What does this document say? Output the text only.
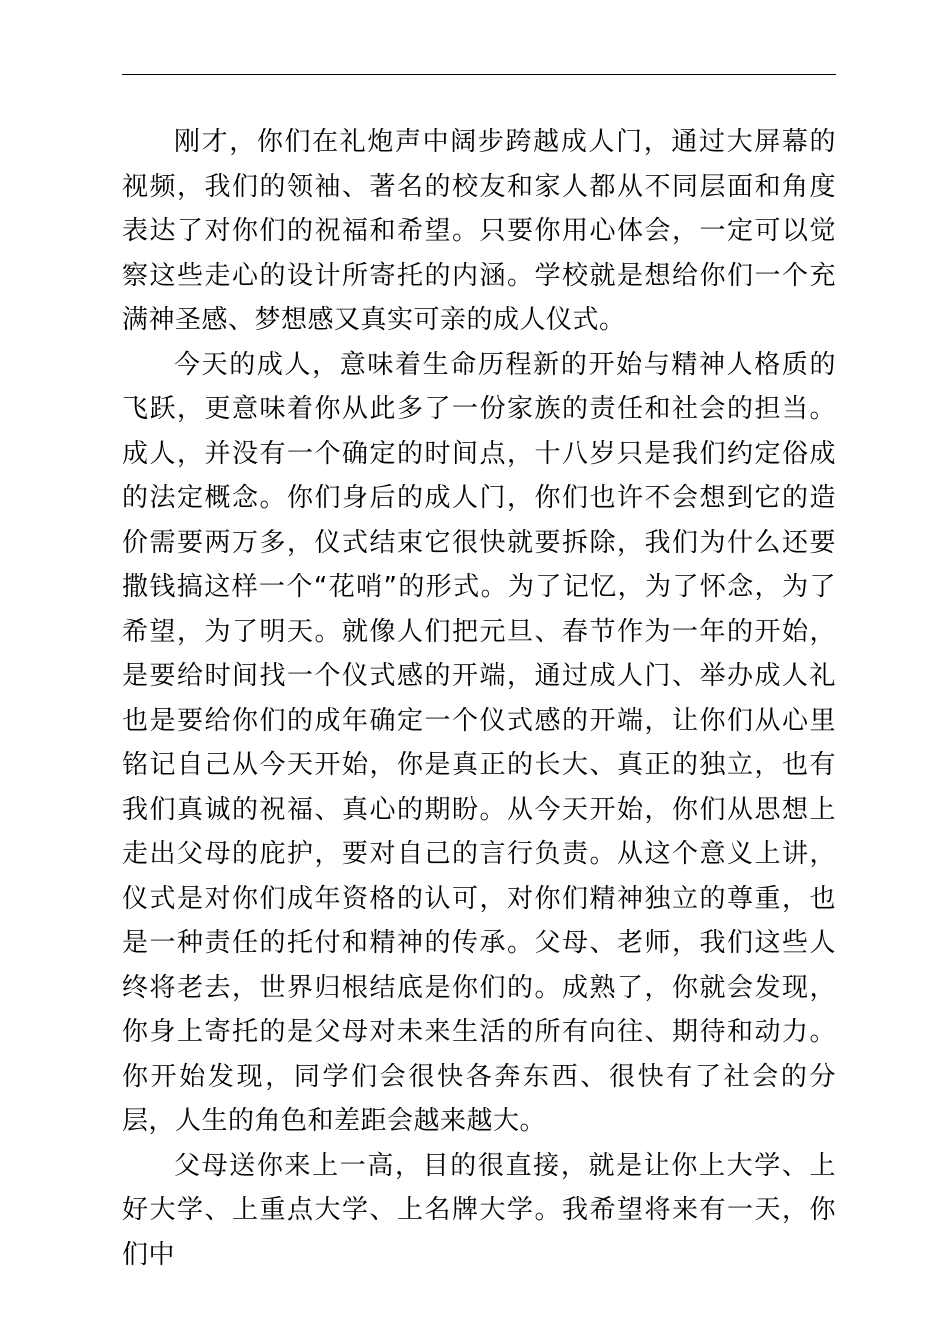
刚才，你们在礼炮声中阔步跨越成人门，通过大屏幕的视频，我们的领袖、著名的校友和家人都从不同层面和角度表达了对你们的祝福和希望。只要你用心体会，一定可以觉察这些走心的设计所寄托的内涵。学校就是想给你们一个充满神圣感、梦想感又真实可亲的成人仪式。

今天的成人，意味着生命历程新的开始与精神人格质的飞跃，更意味着你从此多了一份家族的责任和社会的担当。成人，并没有一个确定的时间点，十八岁只是我们约定俗成的法定概念。你们身后的成人门，你们也许不会想到它的造价需要两万多，仪式结束它很快就要拆除，我们为什么还要撒钱搞这样一个“花哨”的形式。为了记忆，为了怀念，为了希望，为了明天。就像人们把元旦、春节作为一年的开始，是要给时间找一个仪式感的开端，通过成人门、举办成人礼也是要给你们的成年确定一个仪式感的开端，让你们从心里铭记自己从今天开始，你是真正的长大、真正的独立，也有我们真诚的祝福、真心的期盼。从今天开始，你们从思想上走出父母的庇护，要对自己的言行负责。从这个意义上讲，仪式是对你们成年资格的认可，对你们精神独立的尊重，也是一种责任的托付和精神的传承。父母、老师，我们这些人终将老去，世界归根结底是你们的。成熟了，你就会发现，你身上寄托的是父母对未来生活的所有向往、期待和动力。你开始发现，同学们会很快各奔东西、很快有了社会的分层，人生的角色和差距会越来越大。

父母送你来上一高，目的很直接，就是让你上大学、上好大学、上重点大学、上名牌大学。我希望将来有一天，你们中
